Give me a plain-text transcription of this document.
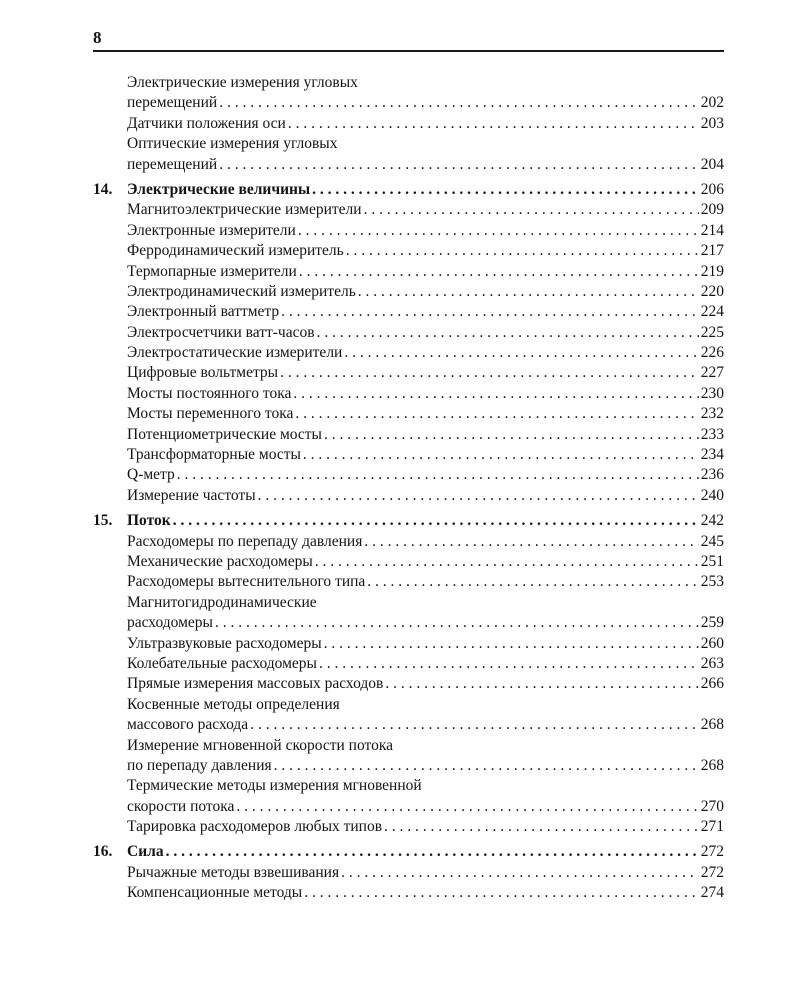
8
Электрические измерения угловых
перемещений . . .	202
Датчики положения оси . . .	203
Оптические измерения угловых
перемещений . . .	204
14. Электрические величины . . .	206
Магнитоэлектрические измерители . . .	209
Электронные измерители . . .	214
Ферродинамический измеритель . . .	217
Термопарные измерители . . .	219
Электродинамический измеритель . . .	220
Электронный ваттметр . . .	224
Электросчетчики ватт-часов . . .	225
Электростатические измерители . . .	226
Цифровые вольтметры . . .	227
Мосты постоянного тока . . .	230
Мосты переменного тока . . .	232
Потенциометрические мосты . . .	233
Трансформаторные мосты . . .	234
Q-метр . . .	236
Измерение частоты . . .	240
15. Поток . . .	242
Расходомеры по перепаду давления . . .	245
Механические расходомеры . . .	251
Расходомеры вытеснительного типа . . .	253
Магнитогидродинамические
расходомеры . . .	259
Ультразвуковые расходомеры . . .	260
Колебательные расходомеры . . .	263
Прямые измерения массовых расходов . . .	266
Косвенные методы определения
массового расхода . . .	268
Измерение мгновенной скорости потока
по перепаду давления . . .	268
Термические методы измерения мгновенной
скорости потока . . .	270
Тарировка расходомеров любых типов . . .	271
16. Сила . . .	272
Рычажные методы взвешивания . . .	272
Компенсационные методы . . .	274
